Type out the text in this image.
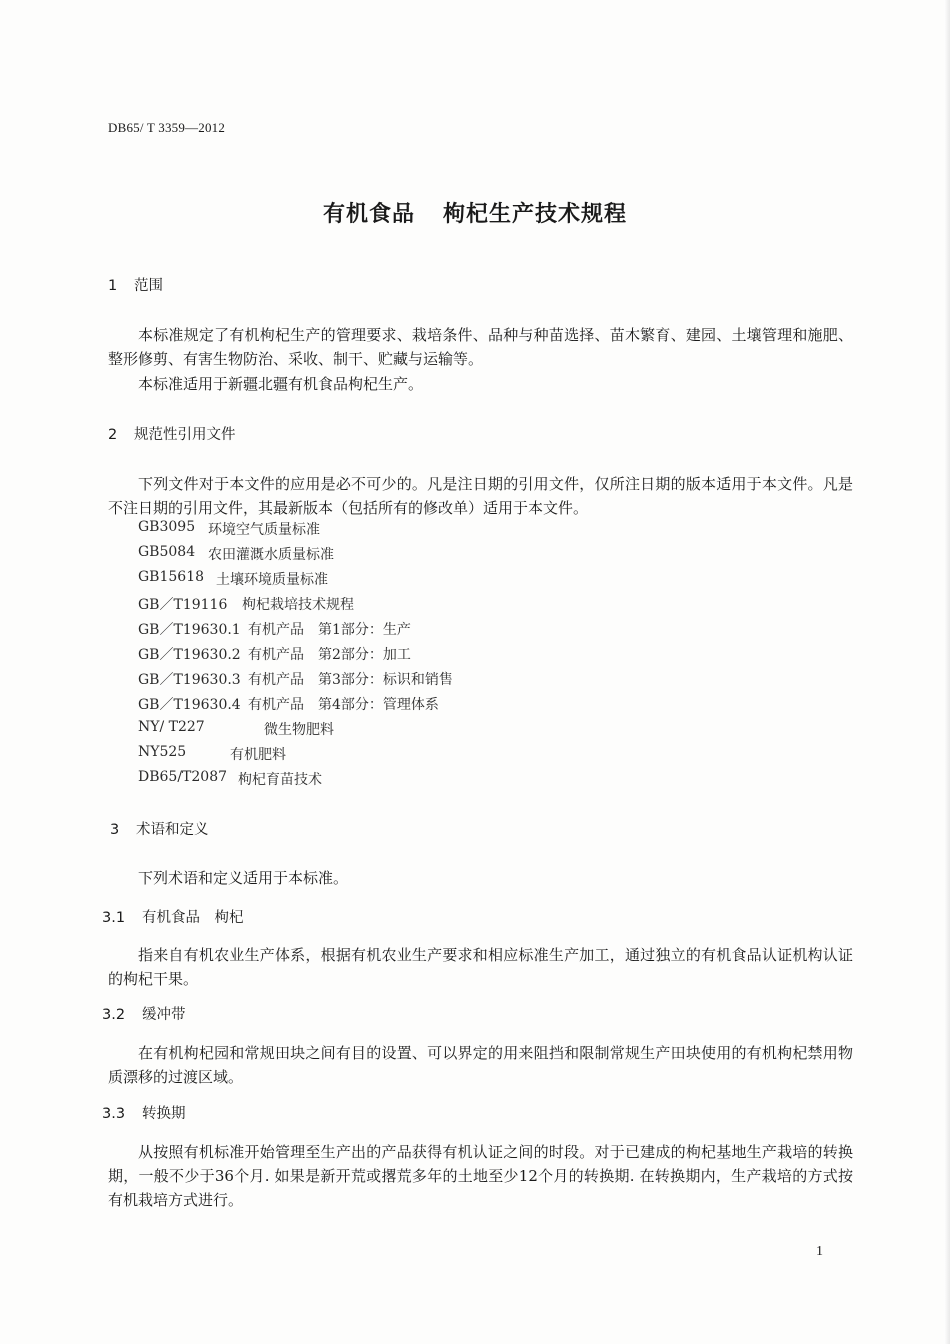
DB65/ T 3359—2012
有机食品 枸杞生产技术规程
1 范围
本标准规定了有机枸杞生产的管理要求、栽培条件、品种与种苗选择、苗木繁育、建园、土壤管理和施肥、整形修剪、有害生物防治、采收、制干、贮藏与运输等。
本标准适用于新疆北疆有机食品枸杞生产。
2 规范性引用文件
下列文件对于本文件的应用是必不可少的。凡是注日期的引用文件，仅所注日期的版本适用于本文件。凡是不注日期的引用文件，其最新版本（包括所有的修改单）适用于本文件。
GB3095 环境空气质量标准
GB5084 农田灌溉水质量标准
GB15618 土壤环境质量标准
GB／T19116 枸杞栽培技术规程
GB／T19630.1 有机产品　第1部分：生产
GB／T19630.2 有机产品　第2部分：加工
GB／T19630.3 有机产品　第3部分：标识和销售
GB／T19630.4 有机产品　第4部分：管理体系
NY/ T227	微生物肥料
NY525	有机肥料
DB65/T2087 枸杞育苗技术
3 术语和定义
下列术语和定义适用于本标准。
3.1 有机食品　枸杞
指来自有机农业生产体系，根据有机农业生产要求和相应标准生产加工，通过独立的有机食品认证机构认证的枸杞干果。
3.2 缓冲带
在有机枸杞园和常规田块之间有目的设置、可以界定的用来阻挡和限制常规生产田块使用的有机枸杞禁用物质漂移的过渡区域。
3.3 转换期
从按照有机标准开始管理至生产出的产品获得有机认证之间的时段。对于已建成的枸杞基地生产栽培的转换期，一般不少于36个月. 如果是新开荒或撂荒多年的土地至少12个月的转换期. 在转换期内，生产栽培的方式按有机栽培方式进行。
1
